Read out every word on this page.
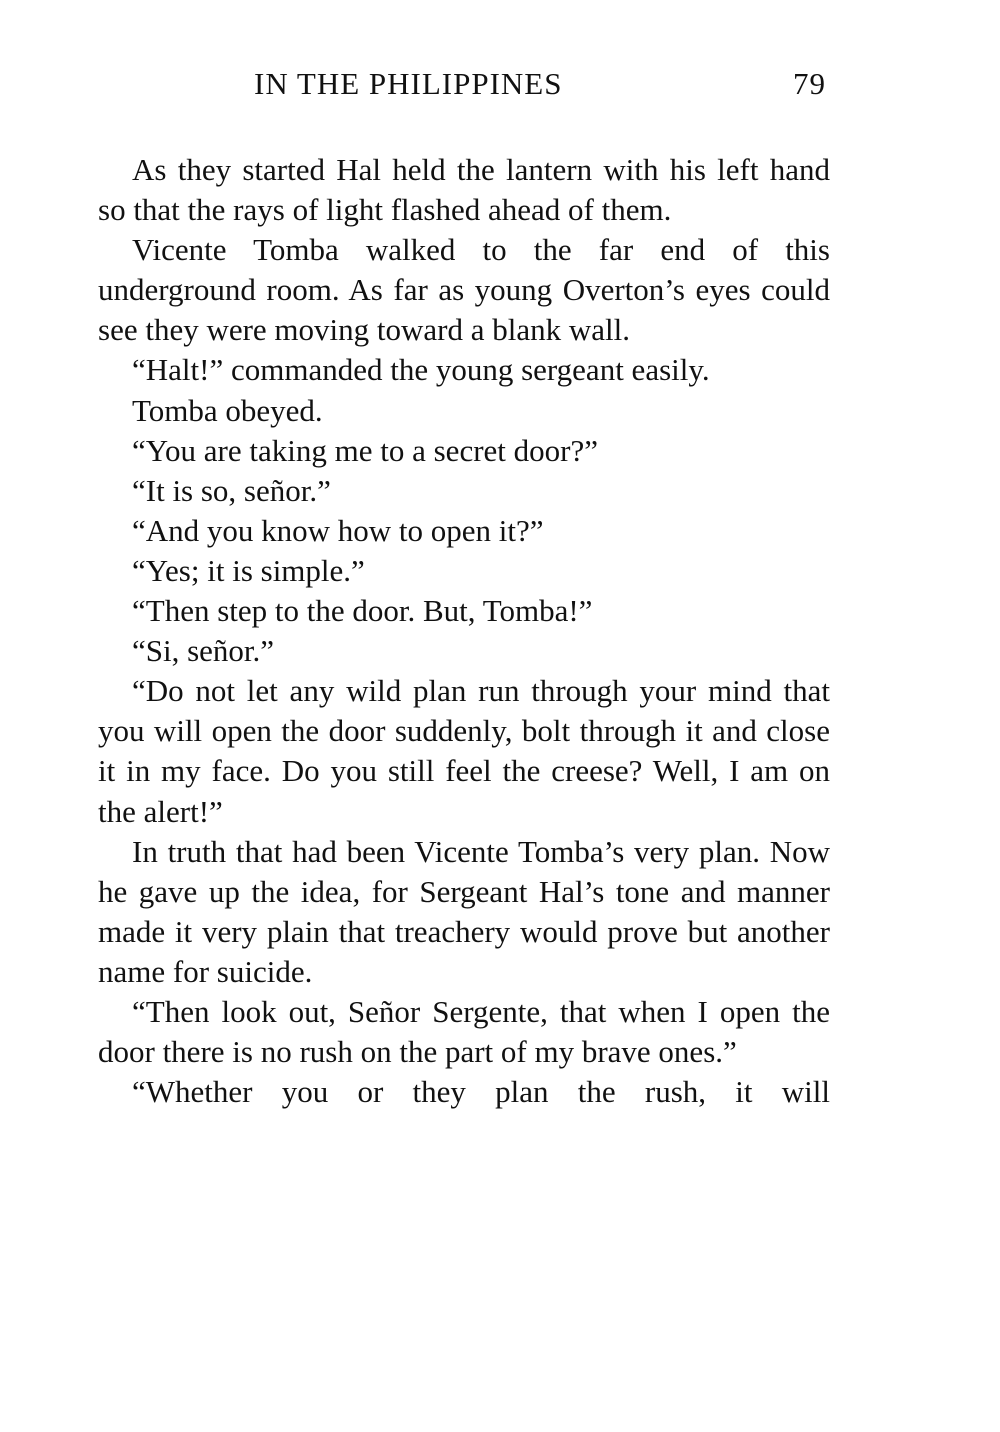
IN THE PHILIPPINES	79

As they started Hal held the lantern with his left hand so that the rays of light flashed ahead of them.

Vicente Tomba walked to the far end of this underground room. As far as young Overton’s eyes could see they were moving toward a blank wall.

“Halt!” commanded the young sergeant easily.

Tomba obeyed.

“You are taking me to a secret door?”

“It is so, señor.”

“And you know how to open it?”

“Yes; it is simple.”

“Then step to the door. But, Tomba!”

“Si, señor.”

“Do not let any wild plan run through your mind that you will open the door suddenly, bolt through it and close it in my face. Do you still feel the creese? Well, I am on the alert!”

In truth that had been Vicente Tomba’s very plan. Now he gave up the idea, for Sergeant Hal’s tone and manner made it very plain that treachery would prove but another name for suicide.

“Then look out, Señor Sergente, that when I open the door there is no rush on the part of my brave ones.”

“Whether you or they plan the rush, it will
